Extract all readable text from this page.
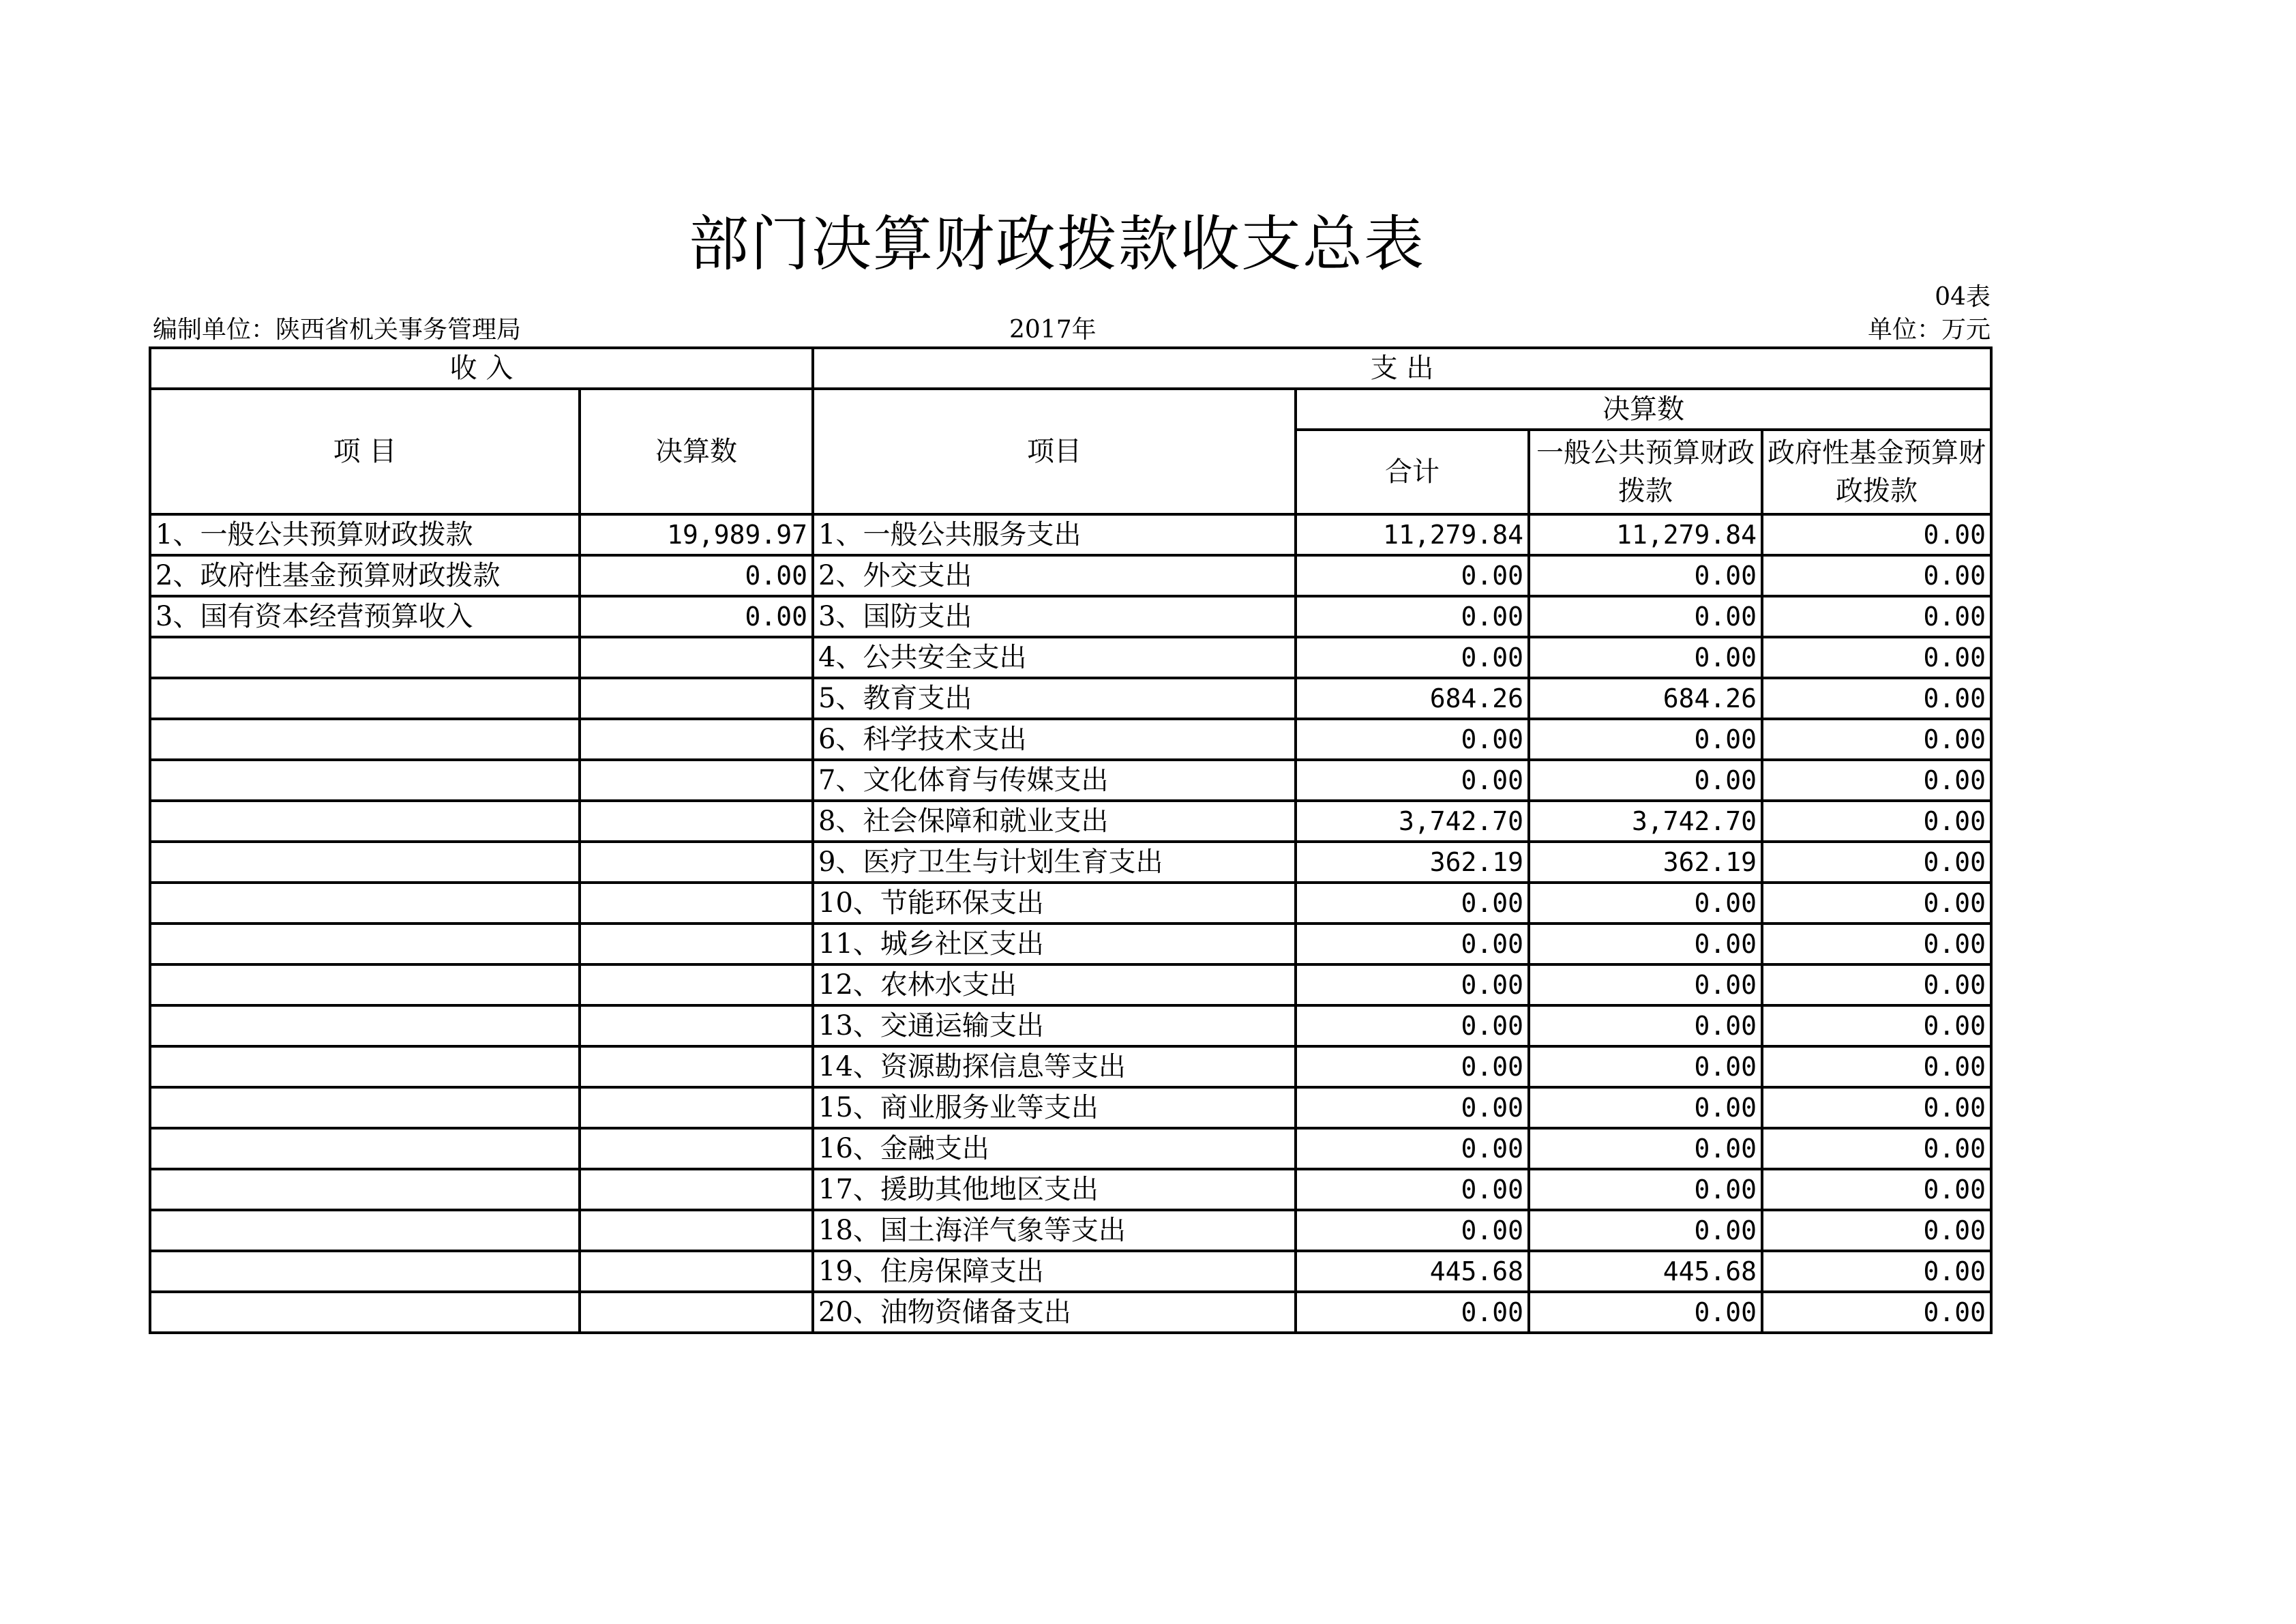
部门决算财政拨款收支总表
04表
编制单位：陕西省机关事务管理局	2017年	单位：万元
收 入		支 出			
项 目	决算数	项目	决算数		
			合计	一般公共预算财政拨款	政府性基金预算财政拨款
1、一般公共预算财政拨款	19,989.97	1、一般公共服务支出	11,279.84	11,279.84	0.00
2、政府性基金预算财政拨款	0.00	2、外交支出	0.00	0.00	0.00
3、国有资本经营预算收入	0.00	3、国防支出	0.00	0.00	0.00
		4、公共安全支出	0.00	0.00	0.00
		5、教育支出	684.26	684.26	0.00
		6、科学技术支出	0.00	0.00	0.00
		7、文化体育与传媒支出	0.00	0.00	0.00
		8、社会保障和就业支出	3,742.70	3,742.70	0.00
		9、医疗卫生与计划生育支出	362.19	362.19	0.00
		10、节能环保支出	0.00	0.00	0.00
		11、城乡社区支出	0.00	0.00	0.00
		12、农林水支出	0.00	0.00	0.00
		13、交通运输支出	0.00	0.00	0.00
		14、资源勘探信息等支出	0.00	0.00	0.00
		15、商业服务业等支出	0.00	0.00	0.00
		16、金融支出	0.00	0.00	0.00
		17、援助其他地区支出	0.00	0.00	0.00
		18、国土海洋气象等支出	0.00	0.00	0.00
		19、住房保障支出	445.68	445.68	0.00
		20、油物资储备支出	0.00	0.00	0.00
